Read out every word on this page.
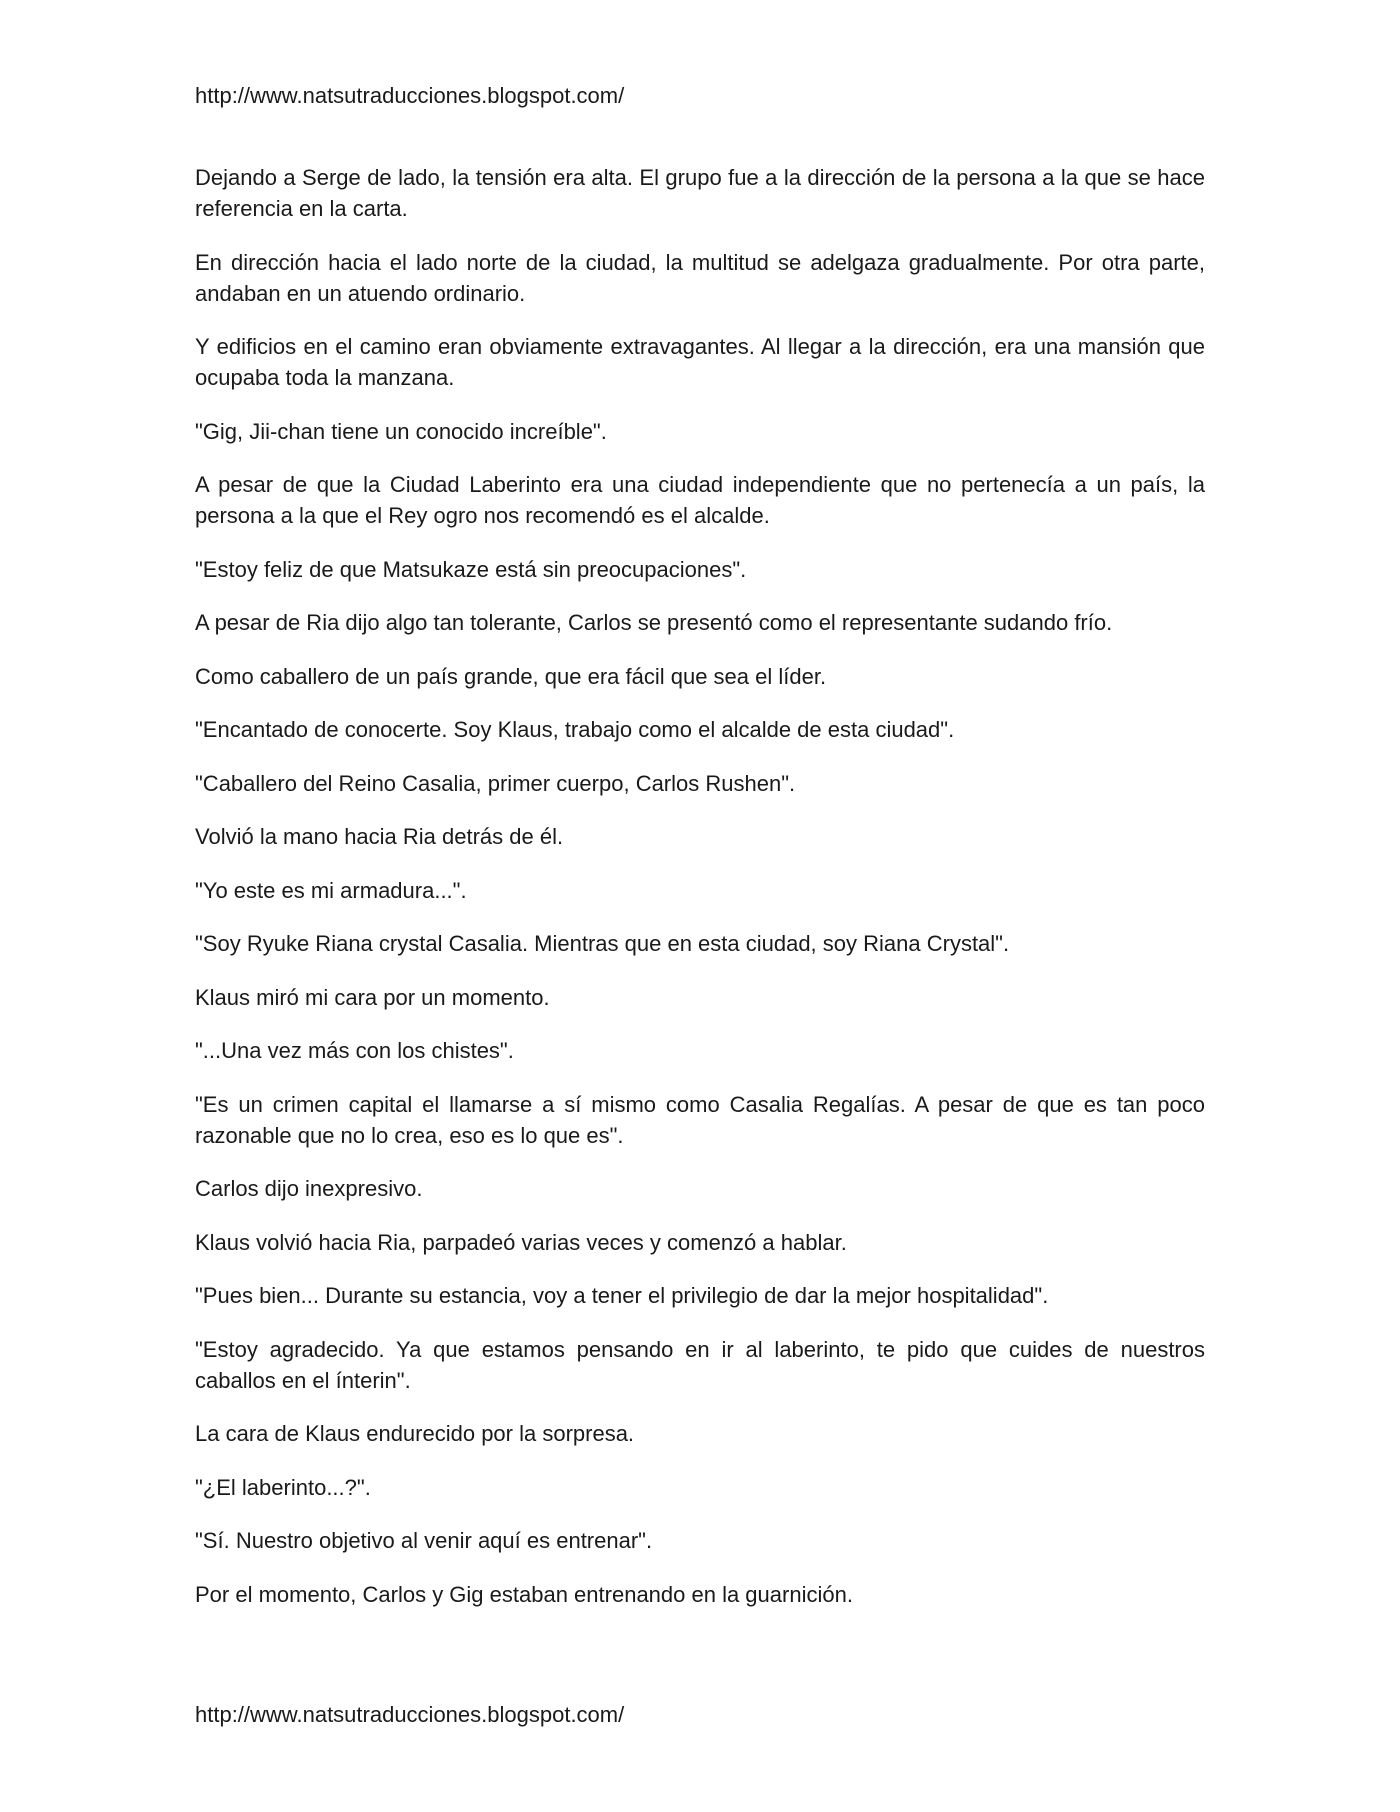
http://www.natsutraducciones.blogspot.com/

Dejando a Serge de lado, la tensión era alta. El grupo fue a la dirección de la persona a la que se hace referencia en la carta.

En dirección hacia el lado norte de la ciudad, la multitud se adelgaza gradualmente. Por otra parte, andaban en un atuendo ordinario.

Y edificios en el camino eran obviamente extravagantes. Al llegar a la dirección, era una mansión que ocupaba toda la manzana.

"Gig, Jii-chan tiene un conocido increíble".

A pesar de que la Ciudad Laberinto era una ciudad independiente que no pertenecía a un país, la persona a la que el Rey ogro nos recomendó es el alcalde.

"Estoy feliz de que Matsukaze está sin preocupaciones".

A pesar de Ria dijo algo tan tolerante, Carlos se presentó como el representante sudando frío.

Como caballero de un país grande, que era fácil que sea el líder.

"Encantado de conocerte. Soy Klaus, trabajo como el alcalde de esta ciudad".

"Caballero del Reino Casalia, primer cuerpo, Carlos Rushen".

Volvió la mano hacia Ria detrás de él.

"Yo este es mi armadura...".

"Soy Ryuke Riana crystal Casalia. Mientras que en esta ciudad, soy Riana Crystal".

Klaus miró mi cara por un momento.

"...Una vez más con los chistes".

"Es un crimen capital el llamarse a sí mismo como Casalia Regalías. A pesar de que es tan poco razonable que no lo crea, eso es lo que es".

Carlos dijo inexpresivo.

Klaus volvió hacia Ria, parpadeó varias veces y comenzó a hablar.

"Pues bien... Durante su estancia, voy a tener el privilegio de dar la mejor hospitalidad".

"Estoy agradecido. Ya que estamos pensando en ir al laberinto, te pido que cuides de nuestros caballos en el ínterin".

La cara de Klaus endurecido por la sorpresa.

"¿El laberinto...?".

"Sí. Nuestro objetivo al venir aquí es entrenar".

Por el momento, Carlos y Gig estaban entrenando en la guarnición.

http://www.natsutraducciones.blogspot.com/
